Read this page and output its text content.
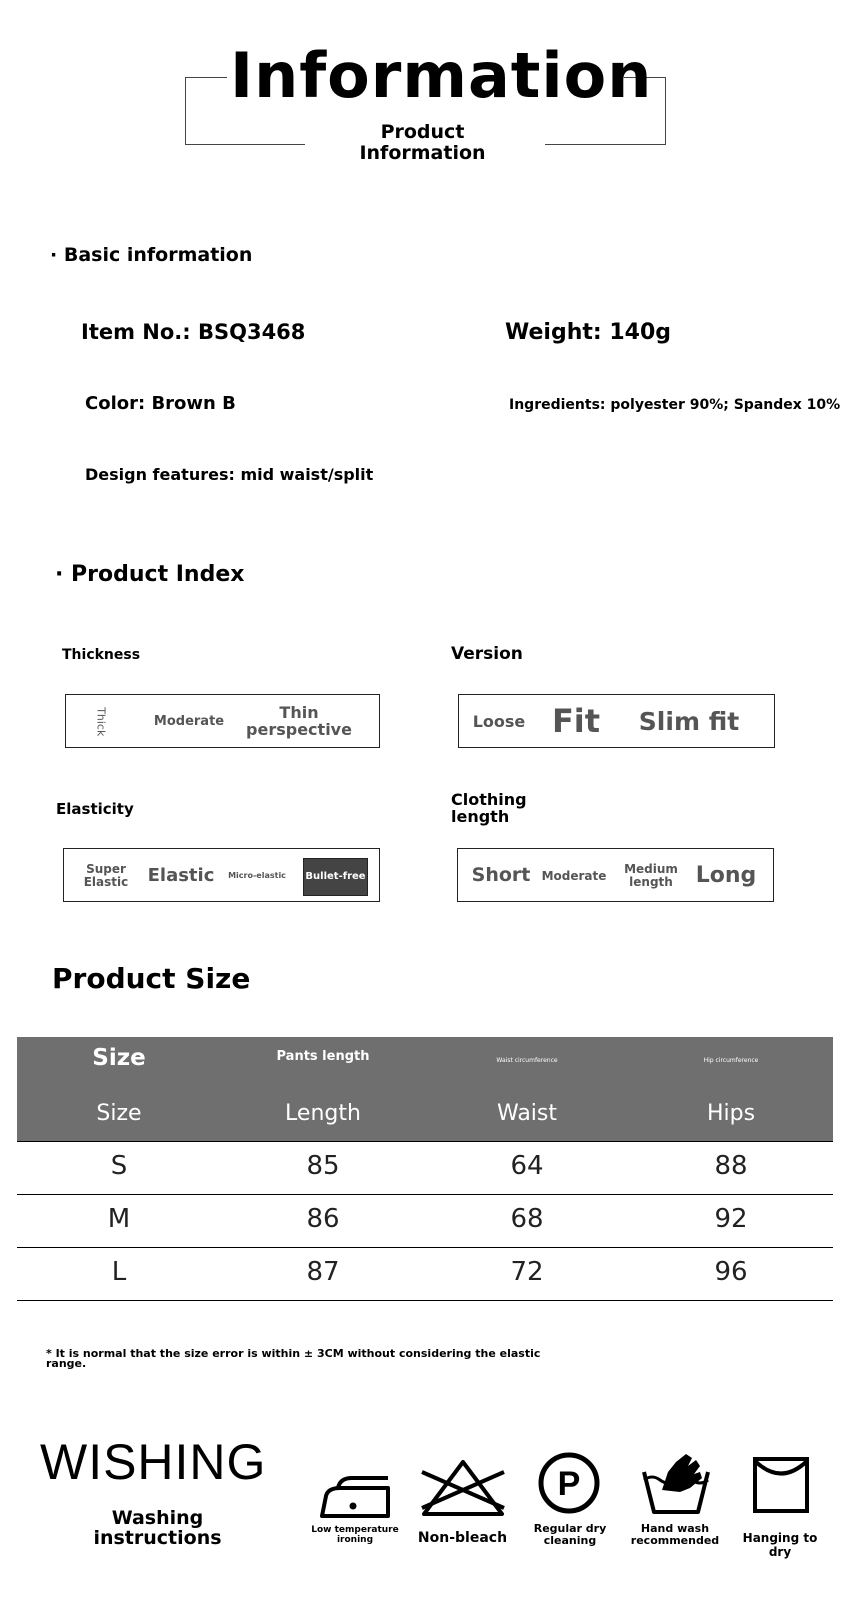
Information
Product
Information
· Basic information
Item No.: BSQ3468	Weight: 140g
Color: Brown B	Ingredients: polyester 90%; Spandex 10%
Design features: mid waist/split
· Product Index
Thickness
Thick	Moderate	Thin perspective
Version
Loose Fit	Slim fit
Elasticity
Super Elastic	Elastic	Micro-elastic	Bullet-free
Clothing
length
Short Moderate	Medium length	Long
Product Size
Size	Pants length	Waist circumference	Hip circumference
Size	Length	Waist	Hips
S	85	64	88
M	86	68	92
L	87	72	96
* It is normal that the size error is within ± 3CM without considering the elastic
range.
WISHING
Washing
instructions	Low temperature
ironing	Non-bleach
P
Regular dry
cleaning
Hand wash
recommended	Hanging to dry
